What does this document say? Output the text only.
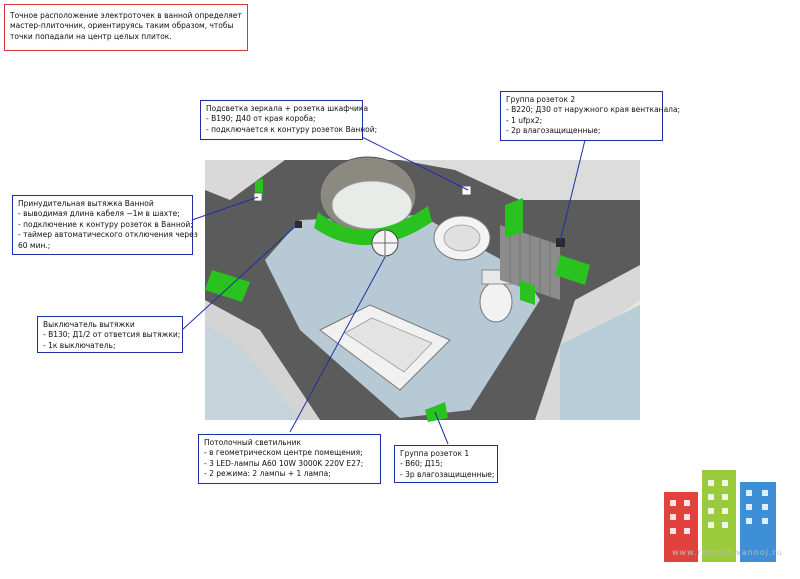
Точное расположение электроточек в ванной определяет
мастер-плиточник, ориентируясь таким образом, чтобы
точки попадали на центр целых плиток.
Подсветка зеркала + розетка шкафчика
- В190; Д40 от края короба;
- подключается к контуру розеток Ванной;
Группа розеток 2
- В220; Д30 от наружного края вентканала;
- 1 ufpx2;
- 2р влагозащищенные;
Принудительная вытяжка Ванной
- выводимая длина кабеля ~1м в шахте;
- подключение к контуру розеток в Ванной;
- таймер автоматического отключения через
60 мин.;
Выключатель вытяжки
- В130; Д1/2 от ответсия вытяжки;
- 1к выключатель;
Потолочный светильник
- в геометрическом центре помещения;
- 3 LED-лампы А60 10W 3000K 220V E27;
- 2 режима: 2 лампы + 1 лампа;
Группа розеток 1
- В60; Д15;
- 3р влагозащищенные;
www.remont-vannoj.ru
